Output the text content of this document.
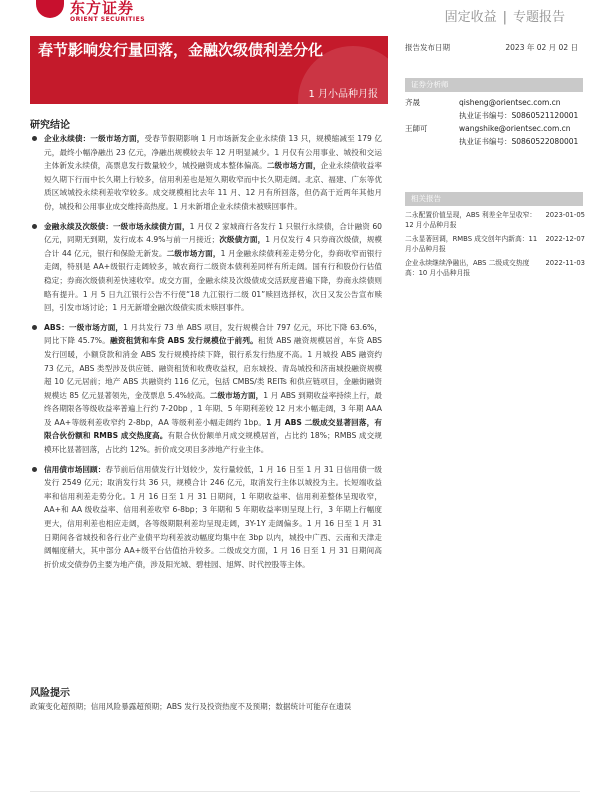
东方证券
ORIENT SECURITIES	固定收益 | 专题报告
春节影响发行量回落，金融次级债利差分化
1 月小品种月报
报告发布日期	2023 年 02 月 02 日
证券分析师
齐晟	qisheng@orientsec.com.cn
执业证书编号：S0860521120001
王師可	wangshike@orientsec.com.cn
执业证书编号：S0860522080001
相关报告
二永配置价值呈现，ABS 利差全年呈收窄：12 月小品种月报
2023-01-05
二永显著回调，RMBS 成交创年内新高：11 月小品种月报
2022-12-07
企业永续继续净融出，ABS 二级成交热度高：10 月小品种月报
2022-11-03
研究结论
企业永续债：一级市场方面，受春节假期影响 1 月市场新发企业永续债 13 只，规模缩减至 179 亿元，最终小幅净融出 23 亿元，净融出规模较去年 12 月明显减少。1 月仅有公用事业、城投和交运主体新发永续债，高票息发行数量较少，城投融资成本整体偏高。二级市场方面，企业永续债收益率短久期下行而中长久期上行较多，信用利差也是短久期收窄而中长久期走阔。北京、福建、广东等优质区域城投永续利差收窄较多。成交规模相比去年 11 月、12 月有所回落，但仍高于近两年其他月份，城投和公用事业成交维持高热度。1 月未新增企业永续债未被赎回事件。
金融永续及次级债：一级市场永续债方面，1 月仅 2 家城商行各发行 1 只银行永续债，合计融资 60 亿元，同期无到期，发行成本 4.9%与前一月接近；次级债方面，1 月仅发行 4 只券商次级债，规模合计 44 亿元，银行和保险无新发。二级市场方面，1 月金融永续债利差走势分化，券商收窄而银行走阔，特别是 AA+级银行走阔较多，城农商行二级资本债利差同样有所走阔。国有行和股份行估值稳定；券商次级债利差快速收窄。成交方面，金融永续及次级债成交活跃度普遍下降，券商永续债则略有提升。1 月 5 日九江银行公告不行使“18 九江银行二级 01”赎回选择权，次日又发公告宣布赎回，引发市场讨论；1 月无新增金融次级债实质未赎回事件。
ABS：一级市场方面，1 月共发行 73 单 ABS 项目，发行规模合计 797 亿元，环比下降 63.6%，同比下降 45.7%。融资租赁和车贷 ABS 发行规模位于前列。租赁 ABS 融资规模居首，车贷 ABS 发行回暖，小额贷款和消金 ABS 发行规模持续下降，银行系发行热度不高。1 月城投 ABS 融资约 73 亿元，ABS 类型涉及供应链、融资租赁和收费收益权，启东城投、青岛城投和济南城投融资规模超 10 亿元居前；地产 ABS 共融资约 116 亿元，包括 CMBS/类 REITs 和供应链项目，金融街融资规模达 85 亿元显著领先，金茂票息 5.4%较高。二级市场方面，1 月 ABS 到期收益率持续上行，最终各期限各等级收益率普遍上行约 7-20bp ，1 年期、5 年期利差较 12 月末小幅走阔，3 年期 AAA 及 AA+等级利差收窄约 2-8bp，AA 等级利差小幅走阔约 1bp。1 月 ABS 二级成交显著回落，有限合伙份额和 RMBS 成交热度高。有限合伙份额单月成交规模居首，占比约 18%；RMBS 成交规模环比显著回落，占比约 12%。折价成交项目多涉地产行业主体。
信用债市场回顾：春节前后信用债发行计划较少，发行量较低，1 月 16 日至 1 月 31 日信用债一级发行 2549 亿元；取消发行共 36 只，规模合计 246 亿元，取消发行主体以城投为主。长短端收益率和信用利差走势分化。1 月 16 日至 1 月 31 日期间，1 年期收益率、信用利差整体呈现收窄，AA+和 AA 级收益率、信用利差收窄 6-8bp；3 年期和 5 年期收益率则呈现上行，3 年期上行幅度更大，信用利差也相应走阔，各等级期限利差均呈现走阔，3Y-1Y 走阔偏多。1 月 16 日至 1 月 31 日期间各省城投和各行业产业债平均利差波动幅度均集中在 3bp 以内，城投中广西、云南和天津走阔幅度稍大，其中部分 AA+级平台估值抬升较多。二级成交方面，1 月 16 日至 1 月 31 日期间高折价成交债券仍主要为地产债，涉及阳光城、碧桂园、旭辉、时代控股等主体。
风险提示
政策变化超预期；信用风险暴露超预期；ABS 发行及投资热度不及预期；数据统计可能存在遗误
